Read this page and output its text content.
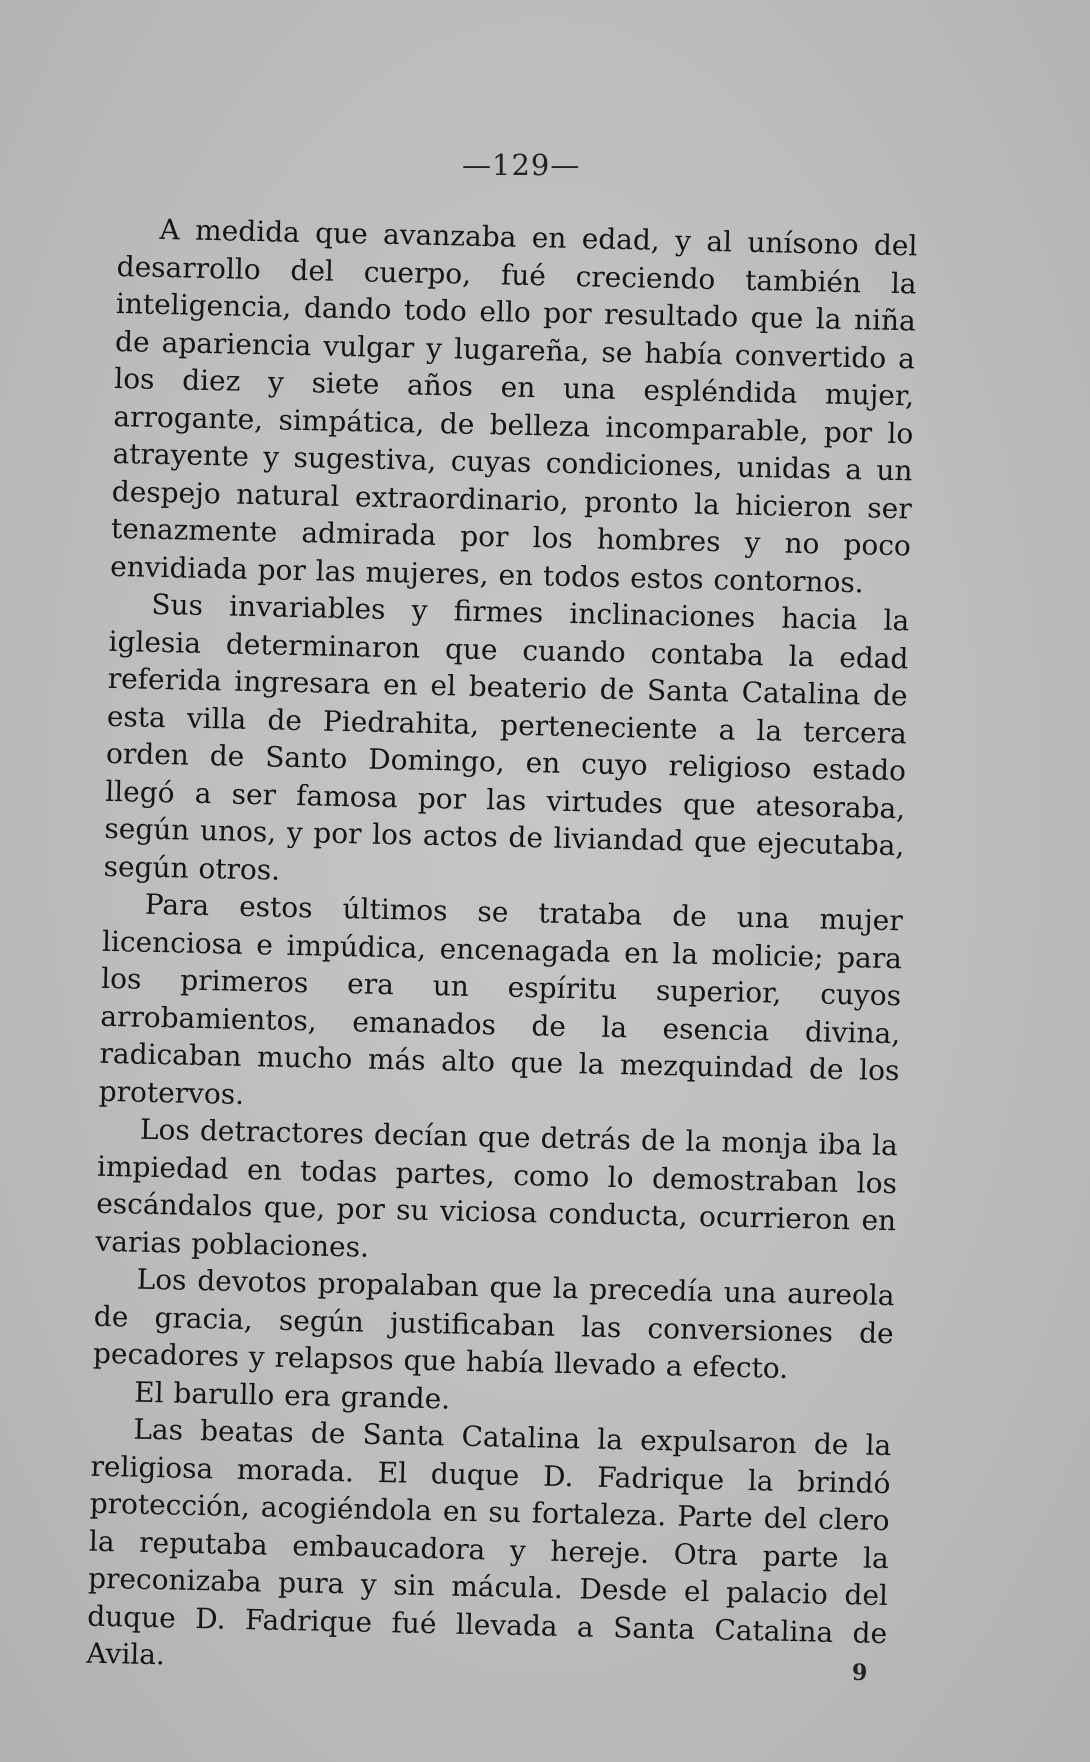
—129—

A medida que avanzaba en edad, y al unísono del desarrollo del cuerpo, fué creciendo también la inteligencia, dando todo ello por resultado que la niña de apariencia vulgar y lugareña, se había convertido a los diez y siete años en una espléndida mujer, arrogante, simpática, de belleza incomparable, por lo atrayente y sugestiva, cuyas condiciones, unidas a un despejo natural extraordinario, pronto la hicieron ser tenazmente admirada por los hombres y no poco envidiada por las mujeres, en todos estos contornos.

Sus invariables y firmes inclinaciones hacia la iglesia determinaron que cuando contaba la edad referida ingresara en el beaterio de Santa Catalina de esta villa de Piedrahita, perteneciente a la tercera orden de Santo Domingo, en cuyo religioso estado llegó a ser famosa por las virtudes que atesoraba, según unos, y por los actos de liviandad que ejecutaba, según otros.

Para estos últimos se trataba de una mujer licenciosa e impúdica, encenagada en la molicie; para los primeros era un espíritu superior, cuyos arrobamientos, emanados de la esencia divina, radicaban mucho más alto que la mezquindad de los protervos.

Los detractores decían que detrás de la monja iba la impiedad en todas partes, como lo demostraban los escándalos que, por su viciosa conducta, ocurrieron en varias poblaciones.

Los devotos propalaban que la precedía una aureola de gracia, según justificaban las conversiones de pecadores y relapsos que había llevado a efecto.

El barullo era grande.

Las beatas de Santa Catalina la expulsaron de la religiosa morada. El duque D. Fadrique la brindó protección, acogiéndola en su fortaleza. Parte del clero la reputaba embaucadora y hereje. Otra parte la preconizaba pura y sin mácula. Desde el palacio del duque D. Fadrique fué llevada a Santa Catalina de Avila.

9
